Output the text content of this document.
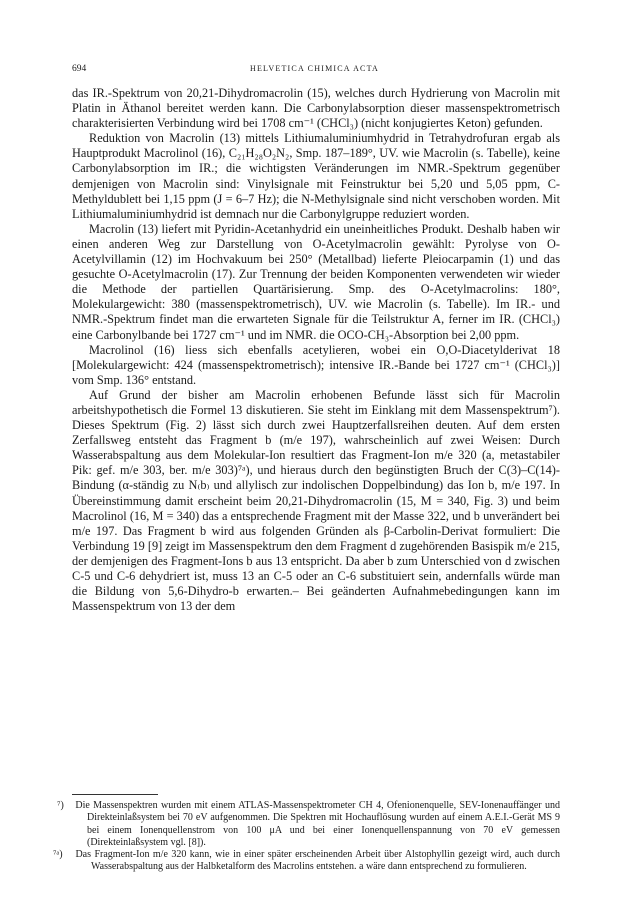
694	HELVETICA CHIMICA ACTA

das IR.-Spektrum von 20,21-Dihydromacrolin (15), welches durch Hydrierung von Macrolin mit Platin in Äthanol bereitet werden kann. Die Carbonylabsorption dieser massenspektrometrisch charakterisierten Verbindung wird bei 1708 cm⁻¹ (CHCl₃) (nicht konjugiertes Keton) gefunden.

Reduktion von Macrolin (13) mittels Lithiumaluminiumhydrid in Tetrahydrofuran ergab als Hauptprodukt Macrolinol (16), C₂₁H₂₈O₂N₂, Smp. 187–189°, UV. wie Macrolin (s. Tabelle), keine Carbonylabsorption im IR.; die wichtigsten Veränderungen im NMR.-Spektrum gegenüber demjenigen von Macrolin sind: Vinylsignale mit Feinstruktur bei 5,20 und 5,05 ppm, C-Methyldublett bei 1,15 ppm (J = 6–7 Hz); die N-Methylsignale sind nicht verschoben worden. Mit Lithiumaluminiumhydrid ist demnach nur die Carbonylgruppe reduziert worden.

Macrolin (13) liefert mit Pyridin-Acetanhydrid ein uneinheitliches Produkt. Deshalb haben wir einen anderen Weg zur Darstellung von O-Acetylmacrolin gewählt: Pyrolyse von O-Acetylvillamin (12) im Hochvakuum bei 250° (Metallbad) lieferte Pleiocarpamin (1) und das gesuchte O-Acetylmacrolin (17). Zur Trennung der beiden Komponenten verwendeten wir wieder die Methode der partiellen Quartärisierung. Smp. des O-Acetylmacrolins: 180°, Molekulargewicht: 380 (massenspektrometrisch), UV. wie Macrolin (s. Tabelle). Im IR.- und NMR.-Spektrum findet man die erwarteten Signale für die Teilstruktur A, ferner im IR. (CHCl₃) eine Carbonylbande bei 1727 cm⁻¹ und im NMR. die OCO-CH₃-Absorption bei 2,00 ppm.

Macrolinol (16) liess sich ebenfalls acetylieren, wobei ein O,O-Diacetylderivat 18 [Molekulargewicht: 424 (massenspektrometrisch); intensive IR.-Bande bei 1727 cm⁻¹ (CHCl₃)] vom Smp. 136° entstand.

Auf Grund der bisher am Macrolin erhobenen Befunde lässt sich für Macrolin arbeitshypothetisch die Formel 13 diskutieren. Sie steht im Einklang mit dem Massenspektrum⁷). Dieses Spektrum (Fig. 2) lässt sich durch zwei Hauptzerfallsreihen deuten. Auf dem ersten Zerfallsweg entsteht das Fragment b (m/e 197), wahrscheinlich auf zwei Weisen: Durch Wasserabspaltung aus dem Molekular-Ion resultiert das Fragment-Ion m/e 320 (a, metastabiler Pik: gef. m/e 303, ber. m/e 303)⁷ᵃ), und hieraus durch den begünstigten Bruch der C(3)–C(14)-Bindung (α-ständig zu N₍b₎ und allylisch zur indolischen Doppelbindung) das Ion b, m/e 197. In Übereinstimmung damit erscheint beim 20,21-Dihydromacrolin (15, M = 340, Fig. 3) und beim Macrolinol (16, M = 340) das a entsprechende Fragment mit der Masse 322, und b unverändert bei m/e 197. Das Fragment b wird aus folgenden Gründen als β-Carbolin-Derivat formuliert: Die Verbindung 19 [9] zeigt im Massenspektrum den dem Fragment d zugehörenden Basispik m/e 215, der demjenigen des Fragment-Ions b aus 13 entspricht. Da aber b zum Unterschied von d zwischen C-5 und C-6 dehydriert ist, muss 13 an C-5 oder an C-6 substituiert sein, andernfalls würde man die Bildung von 5,6-Dihydro-b erwarten.– Bei geänderten Aufnahmebedingungen kann im Massenspektrum von 13 der dem

⁷) Die Massenspektren wurden mit einem ATLAS-Massenspektrometer CH 4, Ofenionenquelle, SEV-Ionenauffänger und Direkteinlaßsystem bei 70 eV aufgenommen. Die Spektren mit Hochauflösung wurden auf einem A.E.I.-Gerät MS 9 bei einem Ionenquellenstrom von 100 μA und bei einer Ionenquellenspannung von 70 eV gemessen (Direkteinlaßsystem vgl. [8]).

⁷ᵃ) Das Fragment-Ion m/e 320 kann, wie in einer später erscheinenden Arbeit über Alstophyllin gezeigt wird, auch durch Wasserabspaltung aus der Halbketalform des Macrolins entstehen. a wäre dann entsprechend zu formulieren.
